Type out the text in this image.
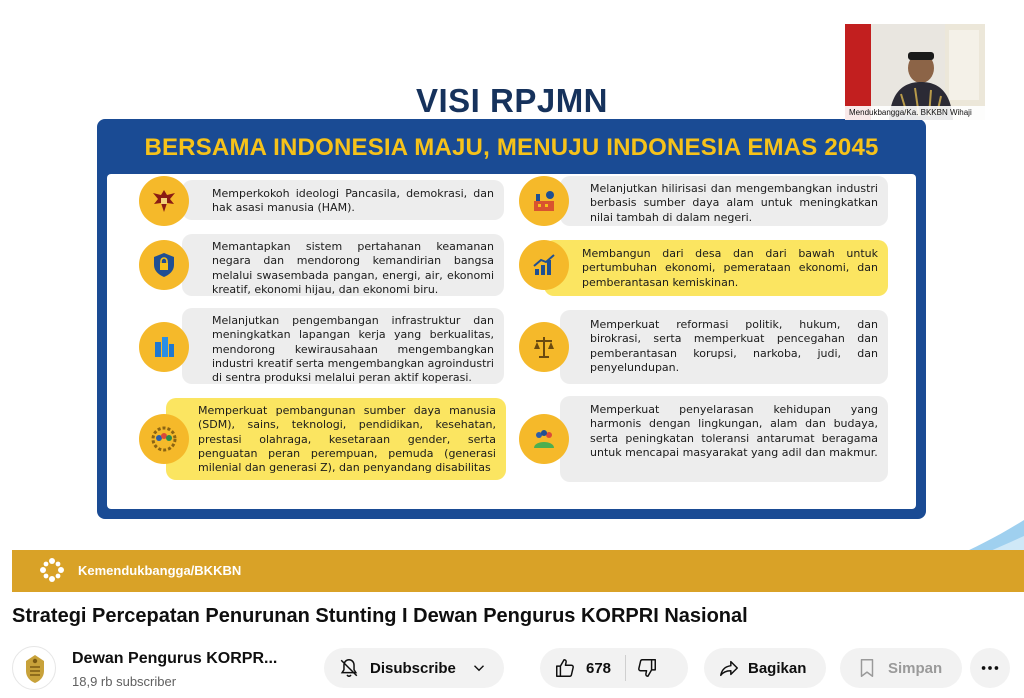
VISI RPJMN
BERSAMA INDONESIA MAJU, MENUJU INDONESIA EMAS 2045
Memperkokoh ideologi Pancasila, demokrasi, dan hak asasi manusia (HAM).
Memantapkan sistem pertahanan keamanan negara dan mendorong kemandirian bangsa melalui swasembada pangan, energi, air, ekonomi kreatif, ekonomi hijau, dan ekonomi biru.
Melanjutkan pengembangan infrastruktur dan meningkatkan lapangan kerja yang berkualitas, mendorong kewirausahaan mengembangkan industri kreatif serta mengembangkan agroindustri di sentra produksi melalui peran aktif koperasi.
Memperkuat pembangunan sumber daya manusia (SDM), sains, teknologi, pendidikan, kesehatan, prestasi olahraga, kesetaraan gender, serta penguatan peran perempuan, pemuda (generasi milenial dan generasi Z), dan penyandang disabilitas
Melanjutkan hilirisasi dan mengembangkan industri berbasis sumber daya alam untuk meningkatkan nilai tambah di dalam negeri.
Membangun dari desa dan dari bawah untuk pertumbuhan ekonomi, pemerataan ekonomi, dan pemberantasan kemiskinan.
Memperkuat reformasi politik, hukum, dan birokrasi, serta memperkuat pencegahan dan pemberantasan korupsi, narkoba, judi, dan penyelundupan.
Memperkuat penyelarasan kehidupan yang harmonis dengan lingkungan, alam dan budaya, serta peningkatan toleransi antarumat beragama untuk mencapai masyarakat yang adil dan makmur.
Mendukbangga/Ka. BKKBN Wihaji
Kemendukbangga/BKKBN
Strategi Percepatan Penurunan Stunting I Dewan Pengurus KORPRI Nasional
Dewan Pengurus KORPR...
18,9 rb subscriber
Disubscribe	678	Bagikan	Simpan
